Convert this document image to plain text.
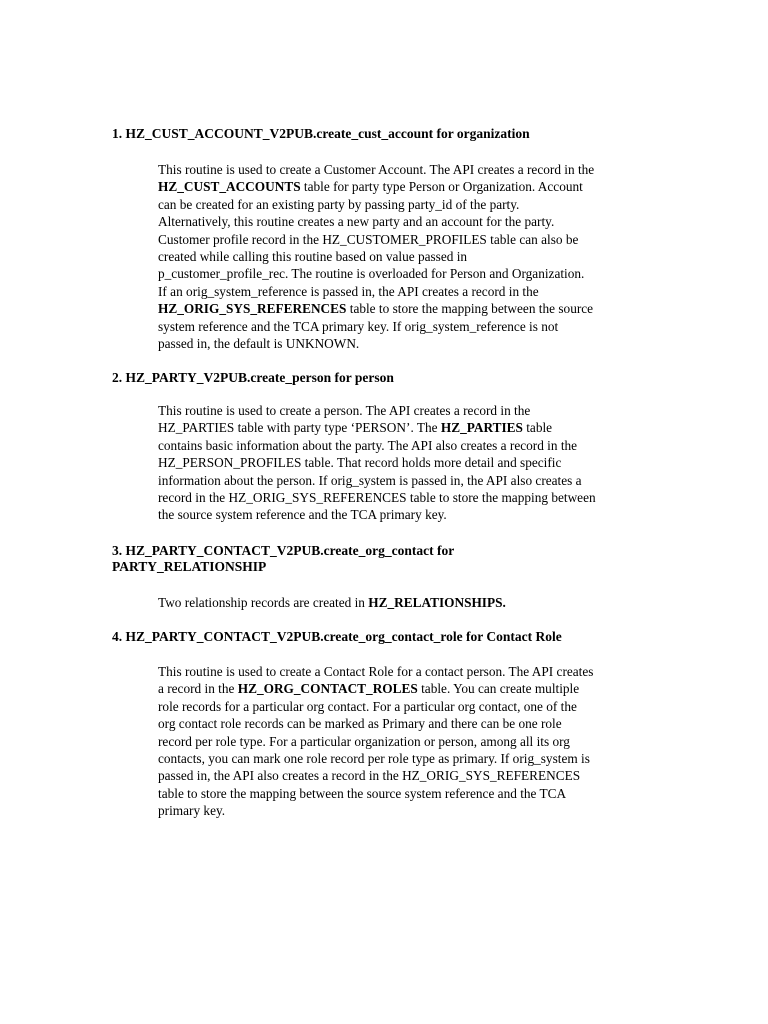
1. HZ_CUST_ACCOUNT_V2PUB.create_cust_account for organization
This routine is used to create a Customer Account. The API creates a record in the
HZ_CUST_ACCOUNTS table for party type Person or Organization. Account
can be created for an existing party by passing party_id of the party.
Alternatively, this routine creates a new party and an account for the party.
Customer profile record in the HZ_CUSTOMER_PROFILES table can also be
created while calling this routine based on value passed in
p_customer_profile_rec. The routine is overloaded for Person and Organization.
If an orig_system_reference is passed in, the API creates a record in the
HZ_ORIG_SYS_REFERENCES table to store the mapping between the source
system reference and the TCA primary key. If orig_system_reference is not
passed in, the default is UNKNOWN.
2. HZ_PARTY_V2PUB.create_person for person
This routine is used to create a person. The API creates a record in the
HZ_PARTIES table with party type ‘PERSON’. The HZ_PARTIES table
contains basic information about the party. The API also creates a record in the
HZ_PERSON_PROFILES table. That record holds more detail and specific
information about the person. If orig_system is passed in, the API also creates a
record in the HZ_ORIG_SYS_REFERENCES table to store the mapping between
the source system reference and the TCA primary key.
3. HZ_PARTY_CONTACT_V2PUB.create_org_contact for
PARTY_RELATIONSHIP
Two relationship records are created in HZ_RELATIONSHIPS.
4. HZ_PARTY_CONTACT_V2PUB.create_org_contact_role for Contact Role
This routine is used to create a Contact Role for a contact person. The API creates
a record in the HZ_ORG_CONTACT_ROLES table. You can create multiple
role records for a particular org contact. For a particular org contact, one of the
org contact role records can be marked as Primary and there can be one role
record per role type. For a particular organization or person, among all its org
contacts, you can mark one role record per role type as primary. If orig_system is
passed in, the API also creates a record in the HZ_ORIG_SYS_REFERENCES
table to store the mapping between the source system reference and the TCA
primary key.
